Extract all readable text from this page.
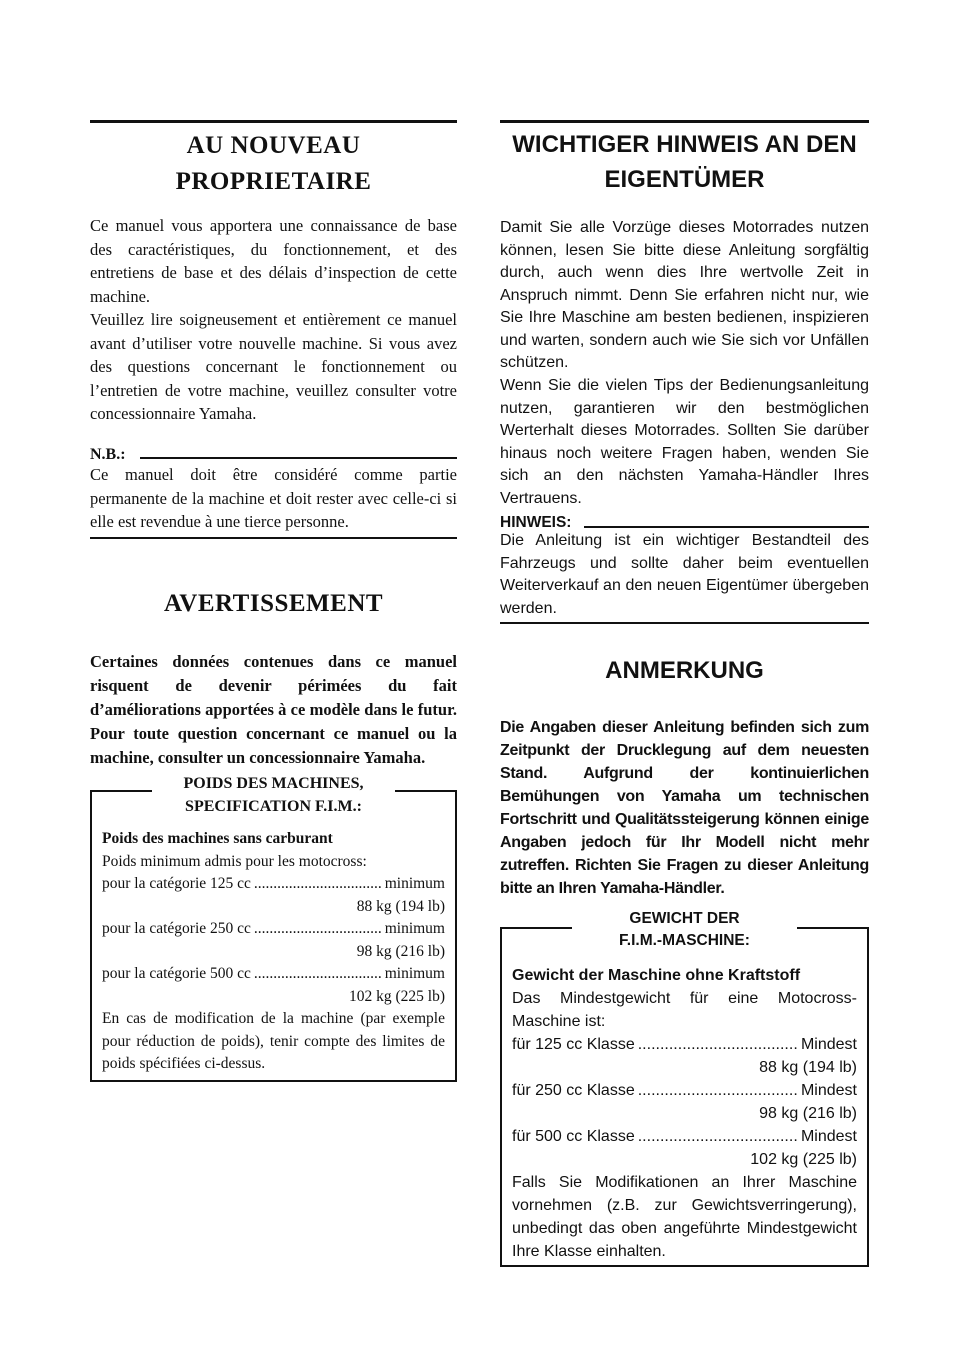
AU NOUVEAU
PROPRIETAIRE

Ce manuel vous apportera une connaissance de base des caractéristiques, du fonctionnement, et des entretiens de base et des délais d’inspection de cette machine.

Veuillez lire soigneusement et entièrement ce manuel avant d’utiliser votre nouvelle machine. Si vous avez des questions concernant le fonctionnement ou l’entretien de votre machine, veuillez consulter votre concessionnaire Yamaha.

N.B.:

Ce manuel doit être considéré comme partie permanente de la machine et doit rester avec celle-ci si elle est revendue à une tierce personne.

AVERTISSEMENT

Certaines données contenues dans ce manuel risquent de devenir périmées du fait d’améliorations apportées à ce modèle dans le futur. Pour toute question concernant ce manuel ou la machine, consulter un concessionnaire Yamaha.

POIDS DES MACHINES,
SPECIFICATION F.I.M.:
Poids des machines sans carburant
Poids minimum admis pour les motocross:
pour la catégorie 125 cc .....	minimum
88 kg (194 lb)
pour la catégorie 250 cc .....	minimum
98 kg (216 lb)
pour la catégorie 500 cc .....	minimum
102 kg (225 lb)
En cas de modification de la machine (par exemple pour réduction de poids), tenir compte des limites de poids spécifiées ci-dessus.
WICHTIGER HINWEIS AN DEN
EIGENTÜMER

Damit Sie alle Vorzüge dieses Motorrades nutzen können, lesen Sie bitte diese Anleitung sorgfältig durch, auch wenn dies Ihre wertvolle Zeit in Anspruch nimmt. Denn Sie erfahren nicht nur, wie Sie Ihre Maschine am besten bedienen, inspizieren und warten, sondern auch wie Sie sich vor Unfällen schützen.

Wenn Sie die vielen Tips der Bedienungsanleitung nutzen, garantieren wir den bestmöglichen Werterhalt dieses Motorrades. Sollten Sie darüber hinaus noch weitere Fragen haben, wenden Sie sich an den nächsten Yamaha-Händler Ihres Vertrauens.

HINWEIS:

Die Anleitung ist ein wichtiger Bestandteil des Fahrzeugs und sollte daher beim eventuellen Weiterverkauf an den neuen Eigentümer übergeben werden.

ANMERKUNG

Die Angaben dieser Anleitung befinden sich zum Zeitpunkt der Drucklegung auf dem neuesten Stand. Aufgrund der kontinuierlichen Bemühungen von Yamaha um technischen Fortschritt und Qualitätssteigerung können einige Angaben jedoch für Ihr Modell nicht mehr zutreffen. Richten Sie Fragen zu dieser Anleitung bitte an Ihren Yamaha-Händler.

GEWICHT DER
F.I.M.-MASCHINE:
Gewicht der Maschine ohne Kraftstoff
Das Mindestgewicht für eine Motocross-Maschine ist:
für 125 cc Klasse .....	Mindest
88 kg (194 lb)
für 250 cc Klasse .....	Mindest
98 kg (216 lb)
für 500 cc Klasse .....	Mindest
102 kg (225 lb)
Falls Sie Modifikationen an Ihrer Maschine vornehmen (z.B. zur Gewichtsverringerung), unbedingt das oben angeführte Mindestgewicht Ihre Klasse einhalten.
